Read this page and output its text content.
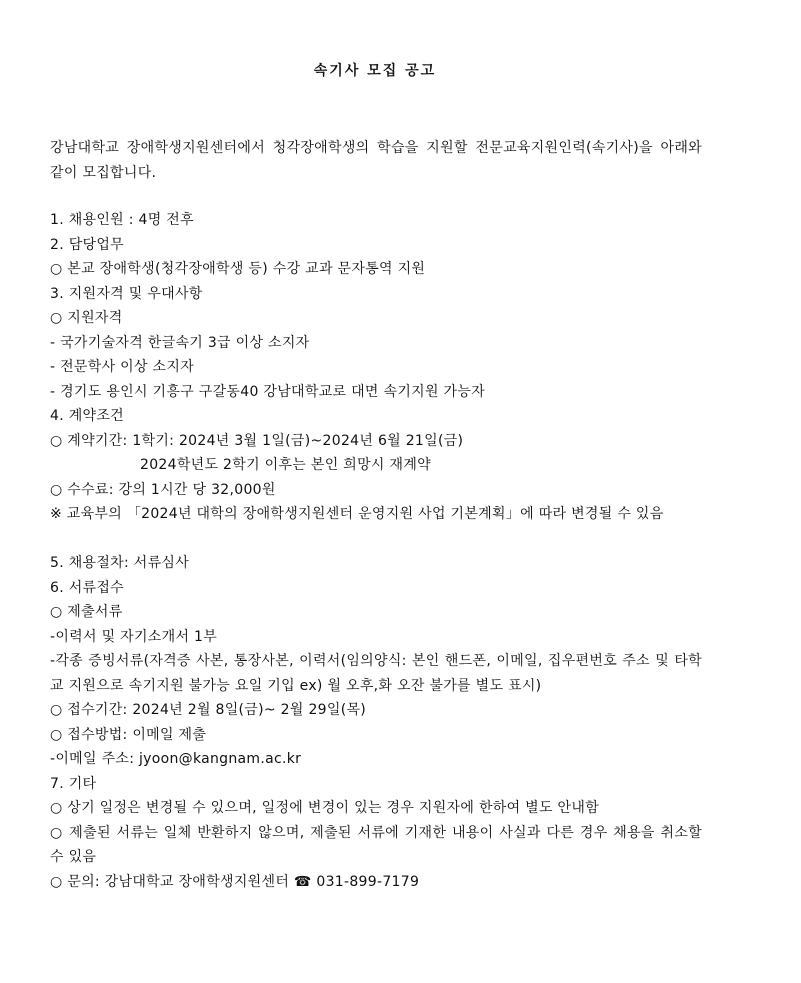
속기사 모집 공고
강남대학교 장애학생지원센터에서 청각장애학생의 학습을 지원할 전문교육지원인력(속기사)을 아래와 같이 모집합니다.
1. 채용인원 : 4명 전후
2. 담당업무
○ 본교 장애학생(청각장애학생 등) 수강 교과 문자통역 지원
3. 지원자격 및 우대사항
○ 지원자격
- 국가기술자격 한글속기 3급 이상 소지자
- 전문학사 이상 소지자
- 경기도 용인시 기흥구 구갈동40 강남대학교로 대면 속기지원 가능자
4. 계약조건
○ 계약기간: 1학기: 2024년 3월 1일(금)~2024년 6월 21일(금)
2024학년도 2학기 이후는 본인 희망시 재계약
○ 수수료: 강의 1시간 당 32,000원
※ 교육부의 「2024년 대학의 장애학생지원센터 운영지원 사업 기본계획」에 따라 변경될 수 있음
5. 채용절차: 서류심사
6. 서류접수
○ 제출서류
-이력서 및 자기소개서 1부
-각종 증빙서류(자격증 사본, 통장사본, 이력서(임의양식: 본인 핸드폰, 이메일, 집우편번호 주소 및 타학교 지원으로 속기지원 불가능 요일 기입 ex) 월 오후,화 오잔 불가를 별도 표시)
○ 접수기간: 2024년 2월 8일(금)~ 2월 29일(목)
○ 접수방법: 이메일 제출
-이메일 주소: jyoon@kangnam.ac.kr
7. 기타
○ 상기 일정은 변경될 수 있으며, 일정에 변경이 있는 경우 지원자에 한하여 별도 안내함
○ 제출된 서류는 일체 반환하지 않으며, 제출된 서류에 기재한 내용이 사실과 다른 경우 채용을 취소할 수 있음
○ 문의: 강남대학교 장애학생지원센터 ☎ 031-899-7179
